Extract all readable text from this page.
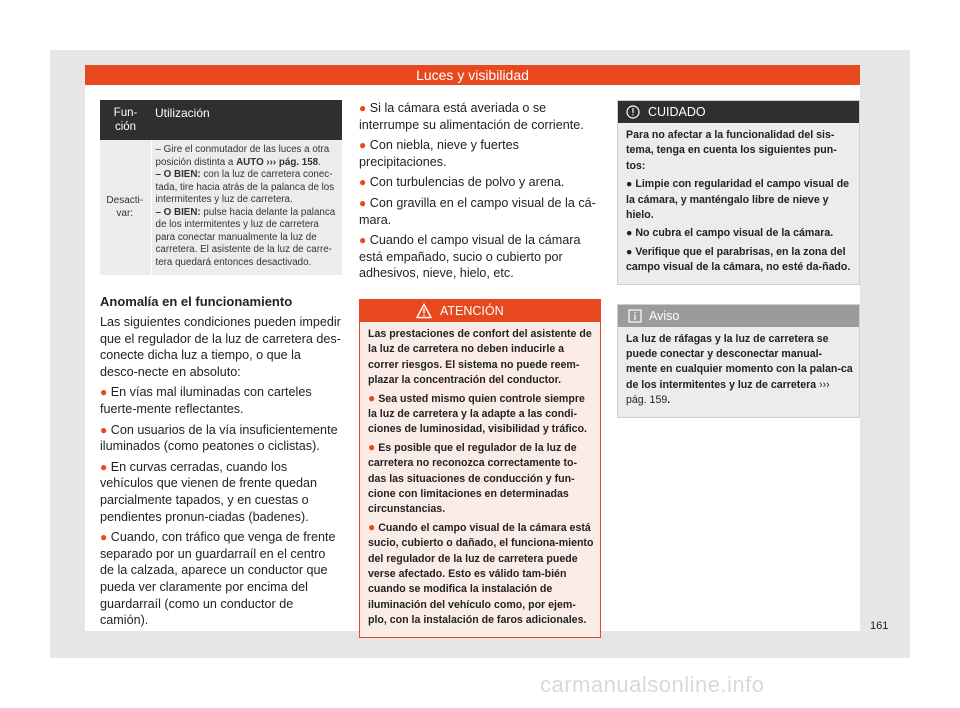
Luces y visibilidad
Fun-ción	Utilización
Desacti-var:	– Gire el conmutador de las luces a otra posición distinta a AUTO ››› pág. 158.
– O BIEN: con la luz de carretera conec-tada, tire hacia atrás de la palanca de los intermitentes y luz de carretera.
– O BIEN: pulse hacia delante la palanca de los intermitentes y luz de carretera para conectar manualmente la luz de carretera. El asistente de la luz de carre-tera quedará entonces desactivado.
Anomalía en el funcionamiento
Las siguientes condiciones pueden impedir que el regulador de la luz de carretera des-conecte dicha luz a tiempo, o que la desco-necte en absoluto:
● En vías mal iluminadas con carteles fuerte-mente reflectantes.
● Con usuarios de la vía insuficientemente iluminados (como peatones o ciclistas).
● En curvas cerradas, cuando los vehículos que vienen de frente quedan parcialmente tapados, y en cuestas o pendientes pronun-ciadas (badenes).
● Cuando, con tráfico que venga de frente separado por un guardarraíl en el centro de la calzada, aparece un conductor que pueda ver claramente por encima del guardarraíl (como un conductor de camión).
● Si la cámara está averiada o se interrumpe su alimentación de corriente.
● Con niebla, nieve y fuertes precipitaciones.
● Con turbulencias de polvo y arena.
● Con gravilla en el campo visual de la cá-mara.
● Cuando el campo visual de la cámara está empañado, sucio o cubierto por adhesivos, nieve, hielo, etc.
ATENCIÓN
Las prestaciones de confort del asistente de la luz de carretera no deben inducirle a correr riesgos. El sistema no puede reem-plazar la concentración del conductor.
● Sea usted mismo quien controle siempre la luz de carretera y la adapte a las condi-ciones de luminosidad, visibilidad y tráfico.
● Es posible que el regulador de la luz de carretera no reconozca correctamente to-das las situaciones de conducción y fun-cione con limitaciones en determinadas circunstancias.
● Cuando el campo visual de la cámara está sucio, cubierto o dañado, el funciona-miento del regulador de la luz de carretera puede verse afectado. Esto es válido tam-bién cuando se modifica la instalación de iluminación del vehículo como, por ejem-plo, con la instalación de faros adicionales.
CUIDADO
Para no afectar a la funcionalidad del sis-tema, tenga en cuenta los siguientes pun-tos:
● Limpie con regularidad el campo visual de la cámara, y manténgalo libre de nieve y hielo.
● No cubra el campo visual de la cámara.
● Verifique que el parabrisas, en la zona del campo visual de la cámara, no esté da-ñado.
Aviso
La luz de ráfagas y la luz de carretera se puede conectar y desconectar manual-mente en cualquier momento con la palan-ca de los intermitentes y luz de carretera ››› pág. 159.
161
carmanualsonline.info
